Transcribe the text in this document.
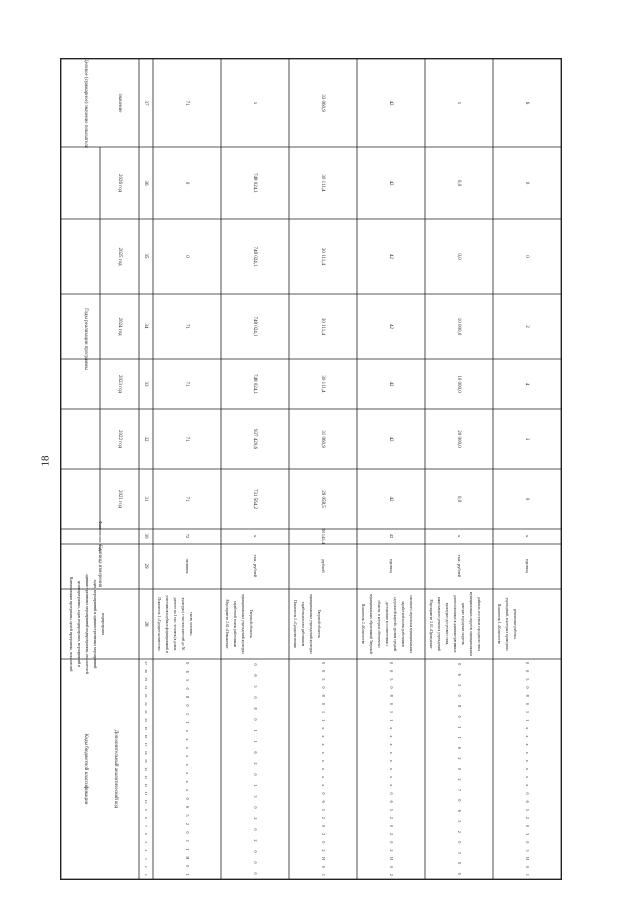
18
Целевое (суммарное) значение показателя	значение
Годы реализации программы
2021 год
2022 год
2023 год
2024 год
2025 год
2026 год
Фактическое знач
Единица измерения
Наименование программы, целей программы, показателей цели программы, задач подпрограмм, мероприятий и административных мероприятий подпрограммы, показателей задач, мероприятий и административных мероприятий подпрограмм
Коды бюджетной классификации	Дополнительный аналитический код
37
36
35
34
33
32
31
30
29
28
27
26
25
24
23
22
21
20
19
18
17
16
15
14
13
12
11
10
9
8
7
6
5
4
3
2
1
71
0
0
71
71
71
71
72
человек
Показатель 1 «Среднее количество участников клубных формирований в расчете на 1 тыс. человек (в домах культуры) с числом жителей до 50 тысяч человек»
0
6
5
0
8
0
1
1
х
х
х
х
х
х
х
х
0
6
5
2
0
1
1
Н
0
1
х
748 024,1
748 024,1
748 024,1
748 024,1
937 420,6
731 564,2
х
тыс. рублей
Мероприятие 2.02 «Повышение заработной платы работникам муниципальных учреждений культуры Тверской области»
0
6
5
0
8
0
1
1
6
2
0
1
3
0
2
0
2
0
0
0
33 060,9
30 111,4
30 111,4
30 111,4
30 111,4
31 060,9
29 058,5
28 145,4
рублей
Показатель 1 «Среднемесячная заработная плата работников муниципальных учреждений культуры Тверской области»
0
6
5
0
8
0
1
1
х
х
х
х
х
х
х
х
0
6
5
2
0
2
0
2
Н
0
1
42
42
42
42
42
42
42
42
единиц
Показатель 2 «Количество муниципальных образований Тверской области, в которых обеспечено достижение в соответствии с «дорожной картой» уровня средней заработной платы работников основного персонала муниципальных
0
6
5
0
8
0
1
1
х
х
х
х
х
х
х
х
0
6
5
2
0
2
0
2
Н
0
2
х
0,0
0,0
10 000,0
10 000,0
20 000,0
0,0
х
тыс. рублей
Мероприятие 2.03 «Проведение капитального ремонта учреждений культурно-досугового типа, расположенных в административных центрах городских округов, муниципальных округов, муниципальных районах, поселках городского типа
0
6
5
0
8
0
1
1
6
2
0
2
7
0
6
5
2
0
3
0
0
6
0
0
2
4
3
0
х
единиц
Показатель 1 «Количество учреждений, в которых проведены ремонтные работы»
0
6
5
0
8
0
1
1
х
х
х
х
х
х
х
х
0
6
5
2
0
3
0
3
Н
0
1
